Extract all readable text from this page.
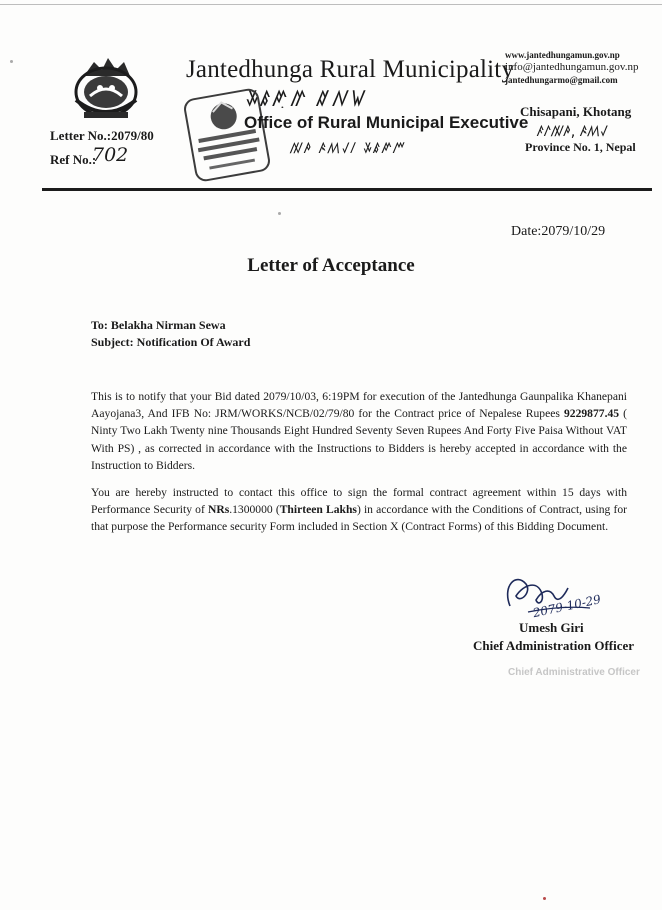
Letter No.:2079/80
Ref No.:
702
Jantedhunga Rural Municipality
ꤸꤹꤺ꤫ꤼ ꤽꤾꤿ
Office of Rural Municipal Executive
ꤲꤳ ꤴꤵꤶꤷ ꤸꤹꤺꤻ
www.jantedhungamun.gov.np
info@jantedhungamun.gov.np
jantedhungarmo@gmail.com
Chisapani, Khotang
ꤰꤱꤲꤳ, ꤴꤵꤶ
Province No. 1, Nepal
Date:2079/10/29
Letter of Acceptance
To: Belakha Nirman Sewa
Subject: Notification Of Award
This is to notify that your Bid dated 2079/10/03, 6:19PM for execution of the Jantedhunga Gaunpalika Khanepani Aayojana3, And IFB No: JRM/WORKS/NCB/02/79/80 for the Contract price of Nepalese Rupees 9229877.45 ( Ninty Two Lakh Twenty nine Thousands Eight Hundred Seventy Seven Rupees And Forty Five Paisa Without VAT With PS) , as corrected in accordance with the Instructions to Bidders is hereby accepted in accordance with the Instruction to Bidders.
You are hereby instructed to contact this office to sign the formal contract agreement within 15 days with Performance Security of NRs.1300000 (Thirteen Lakhs) in accordance with the Conditions of Contract, using for that purpose the Performance security Form included in Section X (Contract Forms) of this Bidding Document.
2079-10-29
Umesh Giri
Chief Administration Officer
Chief Administrative Officer
